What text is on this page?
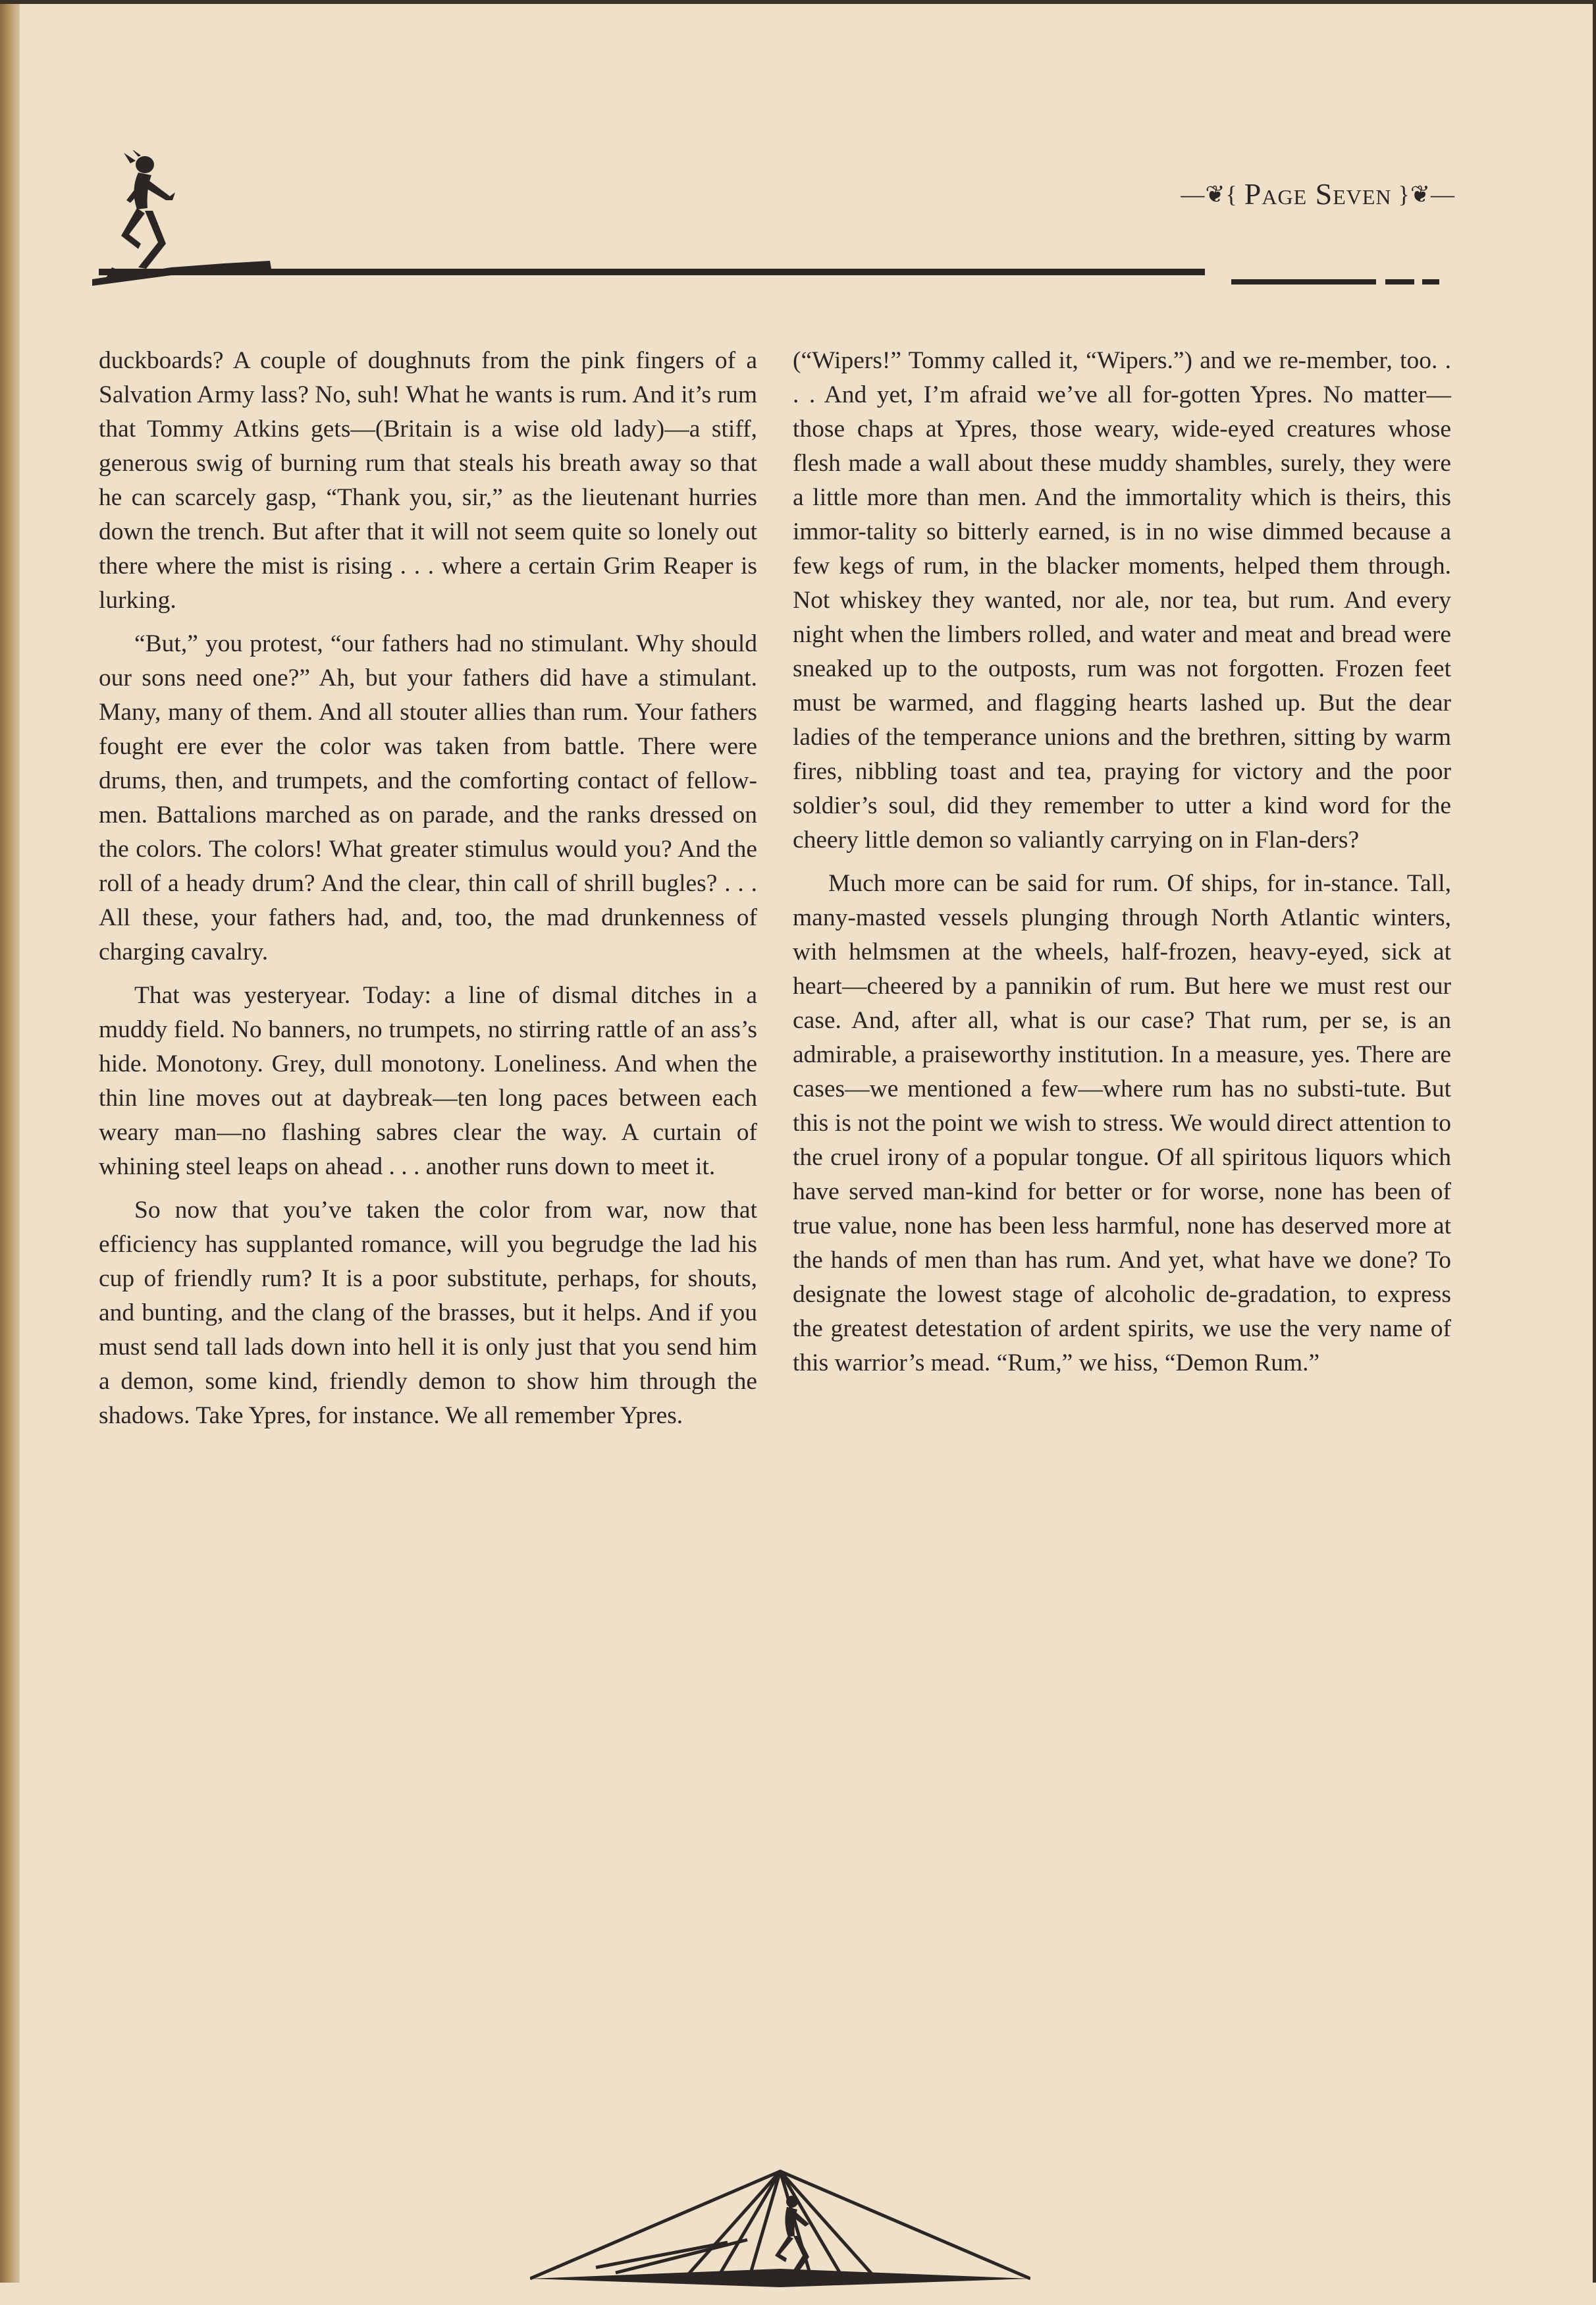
—❦{ Page Seven }❦—

duckboards? A couple of doughnuts from the pink fingers of a Salvation Army lass? No, suh! What he wants is rum. And it’s rum that Tommy Atkins gets—(Britain is a wise old lady)—a stiff, generous swig of burning rum that steals his breath away so that he can scarcely gasp, “Thank you, sir,” as the lieutenant hurries down the trench. But after that it will not seem quite so lonely out there where the mist is rising . . . where a certain Grim Reaper is lurking.

“But,” you protest, “our fathers had no stimulant. Why should our sons need one?” Ah, but your fathers did have a stimulant. Many, many of them. And all stouter allies than rum. Your fathers fought ere ever the color was taken from battle. There were drums, then, and trumpets, and the comforting contact of fellow-men. Battalions marched as on parade, and the ranks dressed on the colors. The colors! What greater stimulus would you? And the roll of a heady drum? And the clear, thin call of shrill bugles? . . . All these, your fathers had, and, too, the mad drunkenness of charging cavalry.

That was yesteryear. Today: a line of dismal ditches in a muddy field. No banners, no trumpets, no stirring rattle of an ass’s hide. Monotony. Grey, dull monotony. Loneliness. And when the thin line moves out at daybreak—ten long paces between each weary man—no flashing sabres clear the way. A curtain of whining steel leaps on ahead . . . another runs down to meet it.

So now that you’ve taken the color from war, now that efficiency has supplanted romance, will you begrudge the lad his cup of friendly rum? It is a poor substitute, perhaps, for shouts, and bunting, and the clang of the brasses, but it helps. And if you must send tall lads down into hell it is only just that you send him a demon, some kind, friendly demon to show him through the shadows. Take Ypres, for instance. We all remember Ypres.

(“Wipers!” Tommy called it, “Wipers.”) and we re-member, too. . . . And yet, I’m afraid we’ve all for-gotten Ypres. No matter—those chaps at Ypres, those weary, wide-eyed creatures whose flesh made a wall about these muddy shambles, surely, they were a little more than men. And the immortality which is theirs, this immor-tality so bitterly earned, is in no wise dimmed because a few kegs of rum, in the blacker moments, helped them through. Not whiskey they wanted, nor ale, nor tea, but rum. And every night when the limbers rolled, and water and meat and bread were sneaked up to the outposts, rum was not forgotten. Frozen feet must be warmed, and flagging hearts lashed up. But the dear ladies of the temperance unions and the brethren, sitting by warm fires, nibbling toast and tea, praying for victory and the poor soldier’s soul, did they remember to utter a kind word for the cheery little demon so valiantly carrying on in Flan-ders?

Much more can be said for rum. Of ships, for in-stance. Tall, many-masted vessels plunging through North Atlantic winters, with helmsmen at the wheels, half-frozen, heavy-eyed, sick at heart—cheered by a pannikin of rum. But here we must rest our case. And, after all, what is our case? That rum, per se, is an admirable, a praiseworthy institution. In a measure, yes. There are cases—we mentioned a few—where rum has no substi-tute. But this is not the point we wish to stress. We would direct attention to the cruel irony of a popular tongue. Of all spiritous liquors which have served man-kind for better or for worse, none has been of true value, none has been less harmful, none has deserved more at the hands of men than has rum. And yet, what have we done? To designate the lowest stage of alcoholic de-gradation, to express the greatest detestation of ardent spirits, we use the very name of this warrior’s mead. “Rum,” we hiss, “Demon Rum.”
